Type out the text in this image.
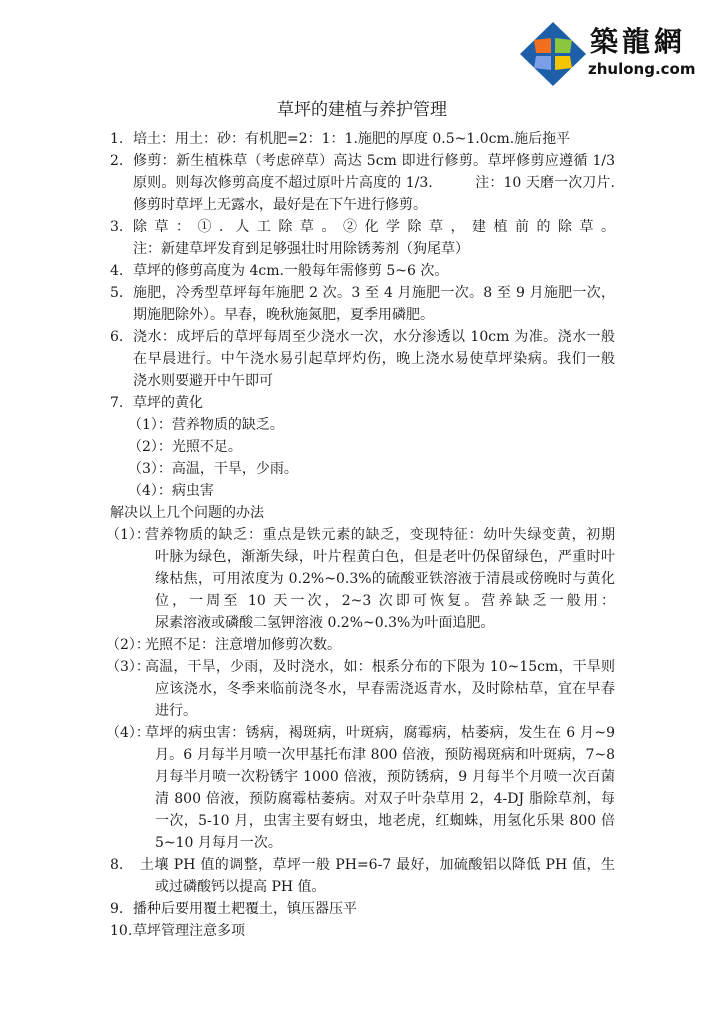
築龍網
zhulong.com
草坪的建植与养护管理
1. 培土：用土：砂：有机肥=2：1：1.施肥的厚度 0.5~1.0cm.施后拖平
2. 修剪：新生植株草（考虑碎草）高达 5cm 即进行修剪。草坪修剪应遵循 1/3
原则。则每次修剪高度不超过原叶片高度的 1/3.　　　注：10 天磨一次刀片.
修剪时草坪上无露水，最好是在下午进行修剪。
3. 除草：①. 人工除草。②化学除草，建植前的除草。
注：新建草坪发育到足够强壮时用除锈莠剂（狗尾草）
4. 草坪的修剪高度为 4cm.一般每年需修剪 5~6 次。
5. 施肥，冷秀型草坪每年施肥 2 次。3 至 4 月施肥一次。8 至 9 月施肥一次，
期施肥除外）。早春，晚秋施氮肥，夏季用磷肥。
6. 浇水：成坪后的草坪每周至少浇水一次，水分渗透以 10cm 为准。浇水一般
在早晨进行。中午浇水易引起草坪灼伤，晚上浇水易使草坪染病。我们一般
浇水则要避开中午即可
7. 草坪的黄化
（1）：营养物质的缺乏。
（2）：光照不足。
（3）：高温，干旱，少雨。
（4）：病虫害
解决以上几个问题的办法
（1）：
营养物质的缺乏：重点是铁元素的缺乏，变现特征：幼叶失绿变黄，初期
叶脉为绿色，渐渐失绿，叶片程黄白色，但是老叶仍保留绿色，严重时叶
缘枯焦，可用浓度为 0.2%~0.3%的硫酸亚铁溶液于清晨或傍晚时与黄化
位，一周至 10 天一次，2~3 次即可恢复。营养缺乏一般用：
尿素溶液或磷酸二氢钾溶液 0.2%~0.3%为叶面追肥。
（2）：
光照不足：注意增加修剪次数。
（3）：
高温，干旱，少雨，及时浇水，如：根系分布的下限为 10~15cm，干旱则
应该浇水，冬季来临前浇冬水，早春需浇返青水，及时除枯草，宜在早春
进行。
（4）：
草坪的病虫害：锈病，褐斑病，叶斑病，腐霉病，枯萎病，发生在 6 月~9
月。6 月每半月喷一次甲基托布津 800 倍液，预防褐斑病和叶斑病，7~8
月每半月喷一次粉锈宇 1000 倍液，预防锈病，9 月每半个月喷一次百菌
清 800 倍液，预防腐霉枯萎病。对双子叶杂草用 2，4-DJ 脂除草剂，每
一次，5-10 月，虫害主要有蚜虫，地老虎，红蜘蛛，用氢化乐果 800 倍
5~10 月每月一次。
8. 土壤 PH 值的调整，草坪一般 PH=6-7 最好，加硫酸铝以降低 PH 值，生
或过磷酸钙以提高 PH 值。
9. 播种后要用覆土耙覆土，镇压器压平
10. 草坪管理注意多项
